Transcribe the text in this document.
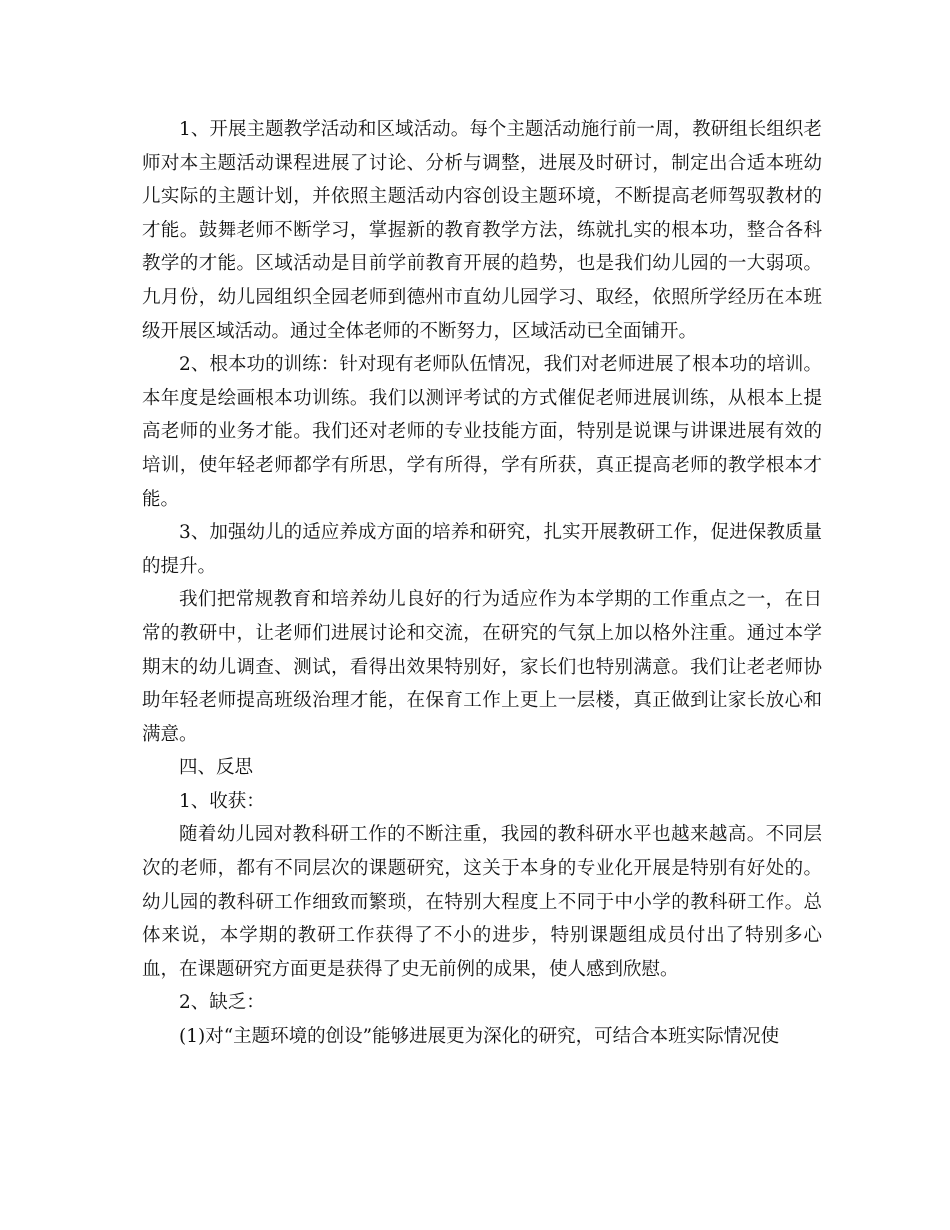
1、开展主题教学活动和区域活动。每个主题活动施行前一周，教研组长组织老师对本主题活动课程进展了讨论、分析与调整，进展及时研讨，制定出合适本班幼儿实际的主题计划，并依照主题活动内容创设主题环境，不断提高老师驾驭教材的才能。鼓舞老师不断学习，掌握新的教育教学方法，练就扎实的根本功，整合各科教学的才能。区域活动是目前学前教育开展的趋势，也是我们幼儿园的一大弱项。九月份，幼儿园组织全园老师到德州市直幼儿园学习、取经，依照所学经历在本班级开展区域活动。通过全体老师的不断努力，区域活动已全面铺开。

2、根本功的训练：针对现有老师队伍情况，我们对老师进展了根本功的培训。本年度是绘画根本功训练。我们以测评考试的方式催促老师进展训练，从根本上提高老师的业务才能。我们还对老师的专业技能方面，特别是说课与讲课进展有效的培训，使年轻老师都学有所思，学有所得，学有所获，真正提高老师的教学根本才能。

3、加强幼儿的适应养成方面的培养和研究，扎实开展教研工作，促进保教质量的提升。

我们把常规教育和培养幼儿良好的行为适应作为本学期的工作重点之一，在日常的教研中，让老师们进展讨论和交流，在研究的气氛上加以格外注重。通过本学期末的幼儿调查、测试，看得出效果特别好，家长们也特别满意。我们让老老师协助年轻老师提高班级治理才能，在保育工作上更上一层楼，真正做到让家长放心和满意。

四、反思

1、收获：

随着幼儿园对教科研工作的不断注重，我园的教科研水平也越来越高。不同层次的老师，都有不同层次的课题研究，这关于本身的专业化开展是特别有好处的。幼儿园的教科研工作细致而繁琐，在特别大程度上不同于中小学的教科研工作。总体来说，本学期的教研工作获得了不小的进步，特别课题组成员付出了特别多心血，在课题研究方面更是获得了史无前例的成果，使人感到欣慰。

2、缺乏：

(1)对“主题环境的创设”能够进展更为深化的研究，可结合本班实际情况使
